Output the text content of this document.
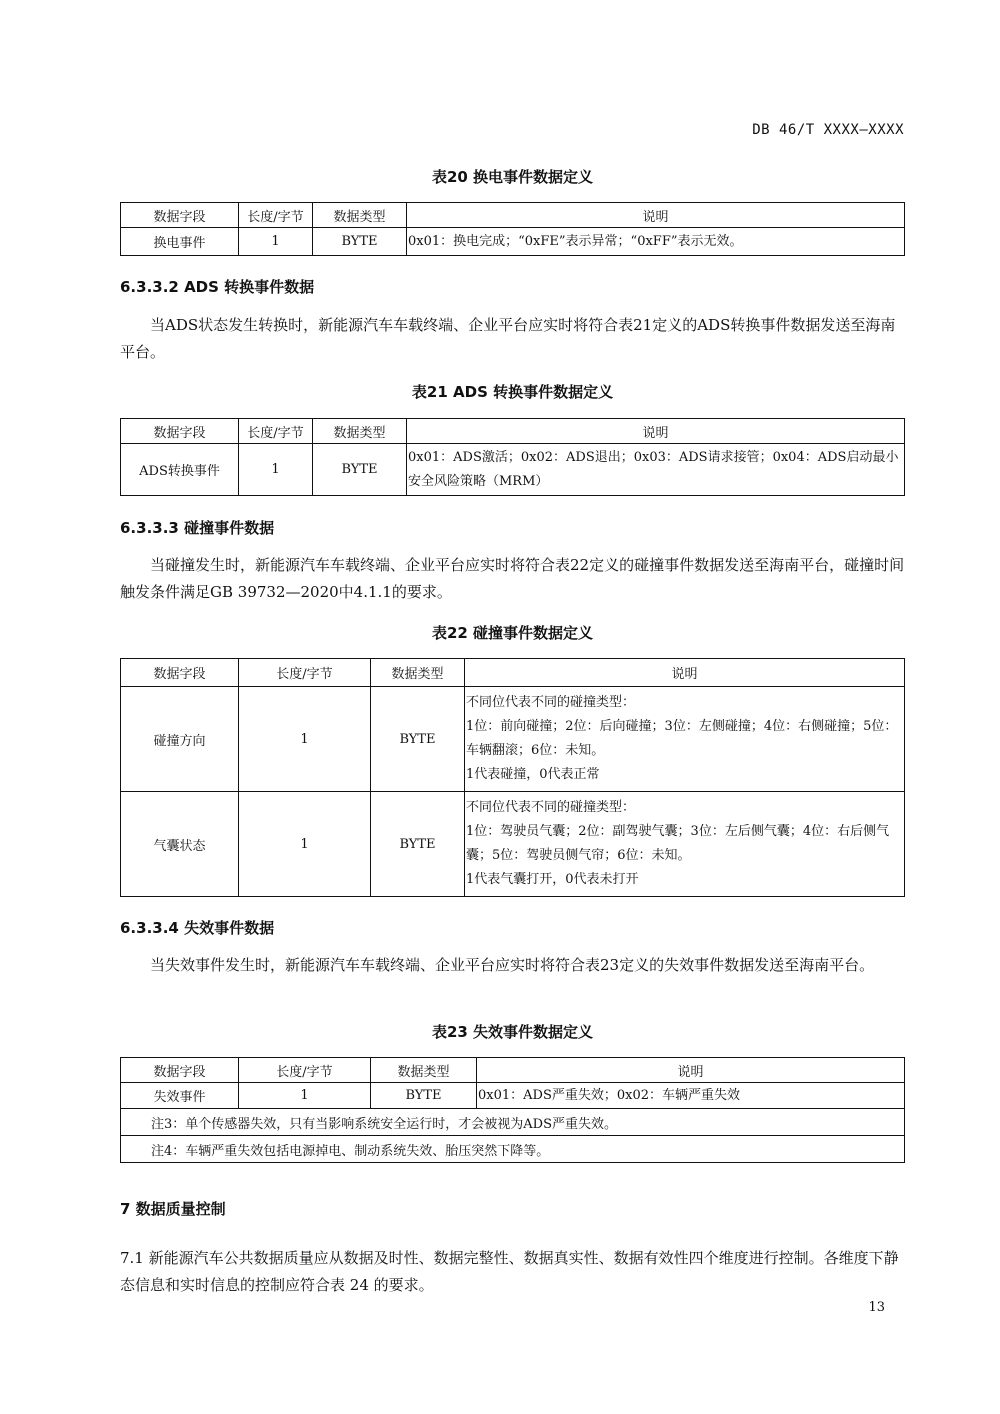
DB 46/T XXXX—XXXX
表20 换电事件数据定义
数据字段	长度/字节	数据类型	说明
换电事件	1	BYTE	0x01：换电完成；“0xFE”表示异常；“0xFF”表示无效。
6.3.3.2 ADS 转换事件数据
当ADS状态发生转换时，新能源汽车车载终端、企业平台应实时将符合表21定义的ADS转换事件数据发送至海南平台。
表21 ADS 转换事件数据定义
数据字段	长度/字节	数据类型	说明
ADS转换事件	1	BYTE	0x01：ADS激活；0x02：ADS退出；0x03：ADS请求接管；0x04：ADS启动最小安全风险策略（MRM）
6.3.3.3 碰撞事件数据
当碰撞发生时，新能源汽车车载终端、企业平台应实时将符合表22定义的碰撞事件数据发送至海南平台，碰撞时间触发条件满足GB 39732—2020中4.1.1的要求。
表22 碰撞事件数据定义
数据字段	长度/字节	数据类型	说明
碰撞方向	1	BYTE	不同位代表不同的碰撞类型：
1位：前向碰撞；2位：后向碰撞；3位：左侧碰撞；4位：右侧碰撞；5位：车辆翻滚；6位：未知。
1代表碰撞，0代表正常

气囊状态	1	BYTE	不同位代表不同的碰撞类型：
1位：驾驶员气囊；2位：副驾驶气囊；3位：左后侧气囊；4位：右后侧气囊；5位：驾驶员侧气帘；6位：未知。
1代表气囊打开，0代表未打开
6.3.3.4 失效事件数据
当失效事件发生时，新能源汽车车载终端、企业平台应实时将符合表23定义的失效事件数据发送至海南平台。
表23 失效事件数据定义
数据字段	长度/字节	数据类型	说明
失效事件	1	BYTE	0x01：ADS严重失效；0x02：车辆严重失效
注3：单个传感器失效，只有当影响系统安全运行时，才会被视为ADS严重失效。			
注4：车辆严重失效包括电源掉电、制动系统失效、胎压突然下降等。			
7 数据质量控制
7.1 新能源汽车公共数据质量应从数据及时性、数据完整性、数据真实性、数据有效性四个维度进行控制。各维度下静态信息和实时信息的控制应符合表 24 的要求。
13
